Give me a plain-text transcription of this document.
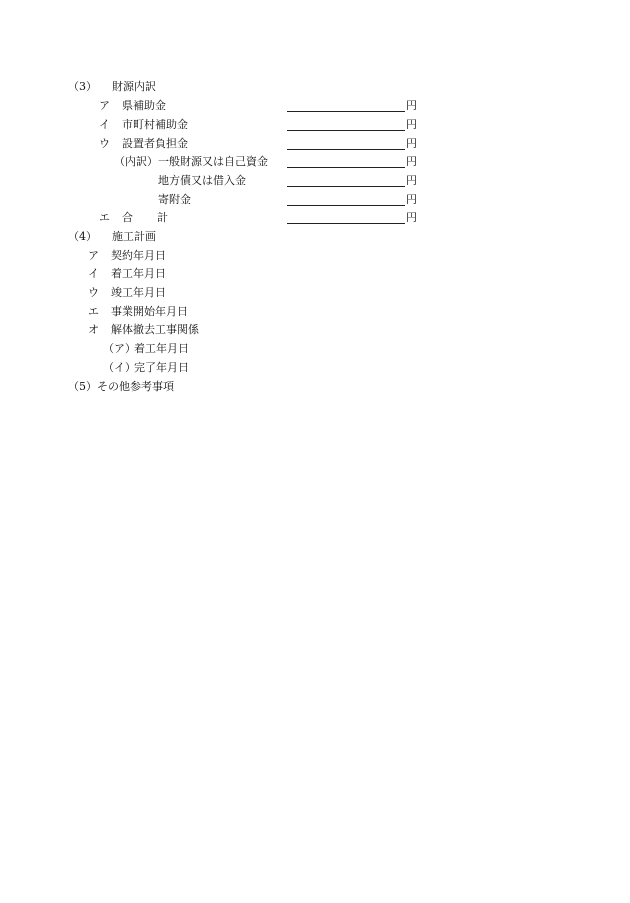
（3） 財源内訳
ア 県補助金	円
イ 市町村補助金	円
ウ 設置者負担金	円
（内訳） 一般財源又は自己資金	円
地方債又は借入金	円
寄附金	円
エ 合 計	円
（4） 施工計画
ア 契約年月日
イ 着工年月日
ウ 竣工年月日
エ 事業開始年月日
オ 解体撤去工事関係
（ア）
着工年月日
（イ）
完了年月日
（5）その他参考事項
